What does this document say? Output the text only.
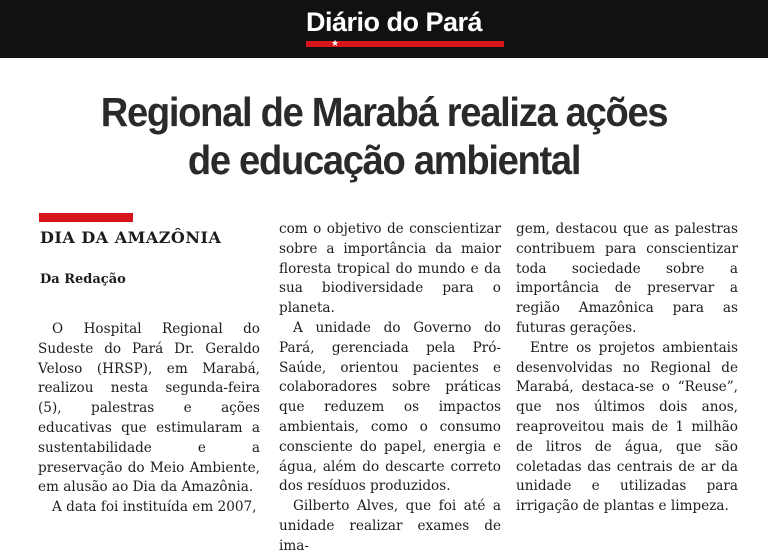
Diário do Pará
★
Regional de Marabá realiza ações
de educação ambiental
DIA DA AMAZÔNIA
Da Redação

O Hospital Regional do Sudeste do Pará Dr. Geraldo Veloso (HRSP), em Marabá, realizou nesta segunda-feira (5), palestras e ações educativas que estimularam a sustentabilidade e a preservação do Meio Ambiente, em alusão ao Dia da Amazônia.

A data foi instituída em 2007,

com o objetivo de conscientizar sobre a importância da maior floresta tropical do mundo e da sua biodiversidade para o planeta.

A unidade do Governo do Pará, gerenciada pela Pró-Saúde, orientou pacientes e colaboradores sobre práticas que reduzem os impactos ambientais, como o consumo consciente do papel, energia e água, além do descarte correto dos resíduos produzidos.

Gilberto Alves, que foi até a unidade realizar exames de ima-

gem, destacou que as palestras contribuem para conscientizar toda sociedade sobre a importância de preservar a região Amazônica para as futuras gerações.

Entre os projetos ambientais desenvolvidas no Regional de Marabá, destaca-se o “Reuse”, que nos últimos dois anos, reaproveitou mais de 1 milhão de litros de água, que são coletadas das centrais de ar da unidade e utilizadas para irrigação de plantas e limpeza.
